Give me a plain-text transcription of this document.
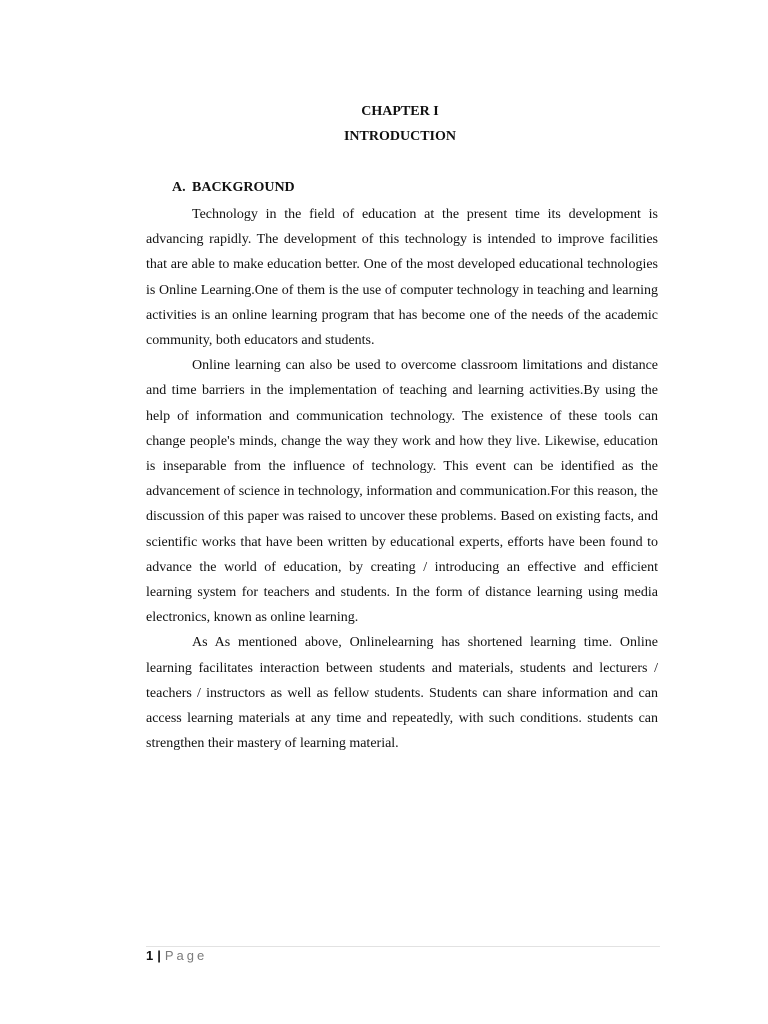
CHAPTER I
INTRODUCTION
A. BACKGROUND

Technology in the field of education at the present time its development is advancing rapidly. The development of this technology is intended to improve facilities that are able to make education better. One of the most developed educational technologies is Online Learning.One of them is the use of computer technology in teaching and learning activities is an online learning program that has become one of the needs of the academic community, both educators and students.

Online learning can also be used to overcome classroom limitations and distance and time barriers in the implementation of teaching and learning activities.By using the help of information and communication technology. The existence of these tools can change people's minds, change the way they work and how they live. Likewise, education is inseparable from the influence of technology. This event can be identified as the advancement of science in technology, information and communication.For this reason, the discussion of this paper was raised to uncover these problems. Based on existing facts, and scientific works that have been written by educational experts, efforts have been found to advance the world of education, by creating / introducing an effective and efficient learning system for teachers and students. In the form of distance learning using media electronics, known as online learning.

As As mentioned above, Onlinelearning has shortened learning time. Online learning facilitates interaction between students and materials, students and lecturers / teachers / instructors as well as fellow students. Students can share information and can access learning materials at any time and repeatedly, with such conditions. students can strengthen their mastery of learning material.

1 | Page
